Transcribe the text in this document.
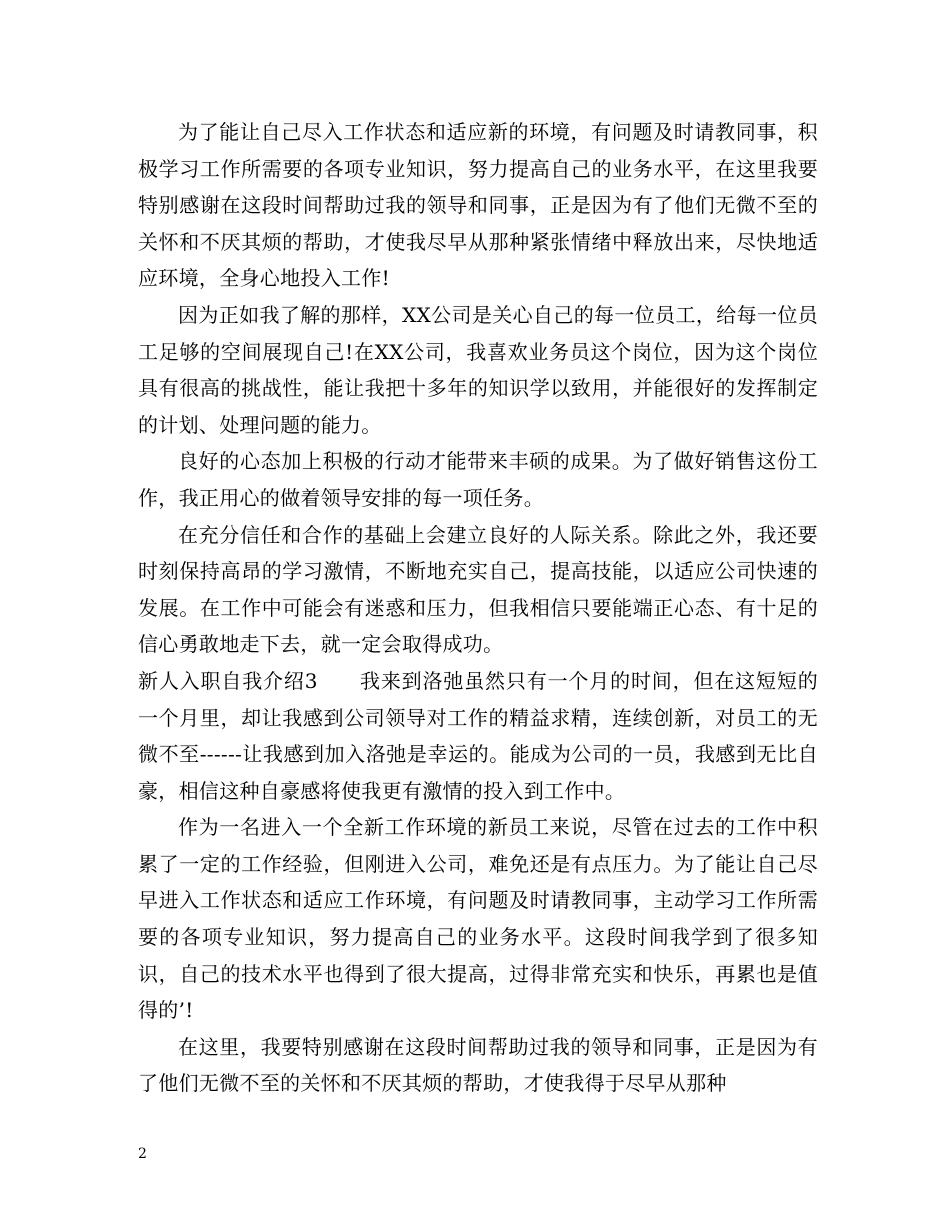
为了能让自己尽入工作状态和适应新的环境，有问题及时请教同事，积极学习工作所需要的各项专业知识，努力提高自己的业务水平，在这里我要特别感谢在这段时间帮助过我的领导和同事，正是因为有了他们无微不至的关怀和不厌其烦的帮助，才使我尽早从那种紧张情绪中释放出来，尽快地适应环境，全身心地投入工作!

因为正如我了解的那样，XX公司是关心自己的每一位员工，给每一位员工足够的空间展现自己!在XX公司，我喜欢业务员这个岗位，因为这个岗位具有很高的挑战性，能让我把十多年的知识学以致用，并能很好的发挥制定的计划、处理问题的能力。

良好的心态加上积极的行动才能带来丰硕的成果。为了做好销售这份工作，我正用心的做着领导安排的每一项任务。

在充分信任和合作的基础上会建立良好的人际关系。除此之外，我还要时刻保持高昂的学习激情，不断地充实自己，提高技能，以适应公司快速的发展。在工作中可能会有迷惑和压力，但我相信只要能端正心态、有十足的信心勇敢地走下去，就一定会取得成功。

新人入职自我介绍3　　我来到洛弛虽然只有一个月的时间，但在这短短的一个月里，却让我感到公司领导对工作的精益求精，连续创新，对员工的无微不至------让我感到加入洛弛是幸运的。能成为公司的一员，我感到无比自豪，相信这种自豪感将使我更有激情的投入到工作中。

作为一名进入一个全新工作环境的新员工来说，尽管在过去的工作中积累了一定的工作经验，但刚进入公司，难免还是有点压力。为了能让自己尽早进入工作状态和适应工作环境，有问题及时请教同事，主动学习工作所需要的各项专业知识，努力提高自己的业务水平。这段时间我学到了很多知识，自己的技术水平也得到了很大提高，过得非常充实和快乐，再累也是值得的’!

在这里，我要特别感谢在这段时间帮助过我的领导和同事，正是因为有了他们无微不至的关怀和不厌其烦的帮助，才使我得于尽早从那种

2
